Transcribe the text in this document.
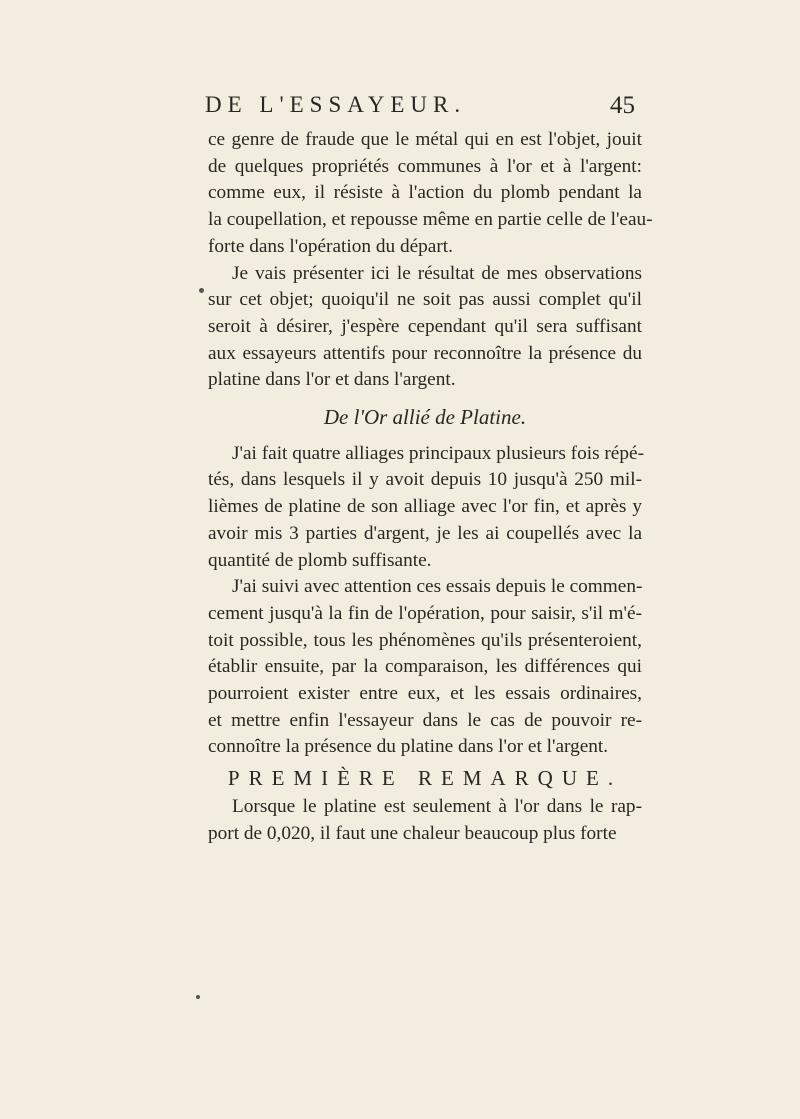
DE L'ESSAYEUR.	45
ce genre de fraude que le métal qui en est l'objet, jouit
de quelques propriétés communes à l'or et à l'argent:
comme eux, il résiste à l'action du plomb pendant la
la coupellation, et repousse même en partie celle de l'eau-
forte dans l'opération du départ.
Je vais présenter ici le résultat de mes observations
sur cet objet; quoiqu'il ne soit pas aussi complet qu'il
seroit à désirer, j'espère cependant qu'il sera suffisant
aux essayeurs attentifs pour reconnoître la présence du
platine dans l'or et dans l'argent.
De l'Or allié de Platine.
J'ai fait quatre alliages principaux plusieurs fois répé-
tés, dans lesquels il y avoit depuis 10 jusqu'à 250 mil-
lièmes de platine de son alliage avec l'or fin, et après y
avoir mis 3 parties d'argent, je les ai coupellés avec la
quantité de plomb suffisante.
J'ai suivi avec attention ces essais depuis le commen-
cement jusqu'à la fin de l'opération, pour saisir, s'il m'é-
toit possible, tous les phénomènes qu'ils présenteroient,
établir ensuite, par la comparaison, les différences qui
pourroient exister entre eux, et les essais ordinaires,
et mettre enfin l'essayeur dans le cas de pouvoir re-
connoître la présence du platine dans l'or et l'argent.
PREMIÈRE REMARQUE.
Lorsque le platine est seulement à l'or dans le rap-
port de 0,020, il faut une chaleur beaucoup plus forte
